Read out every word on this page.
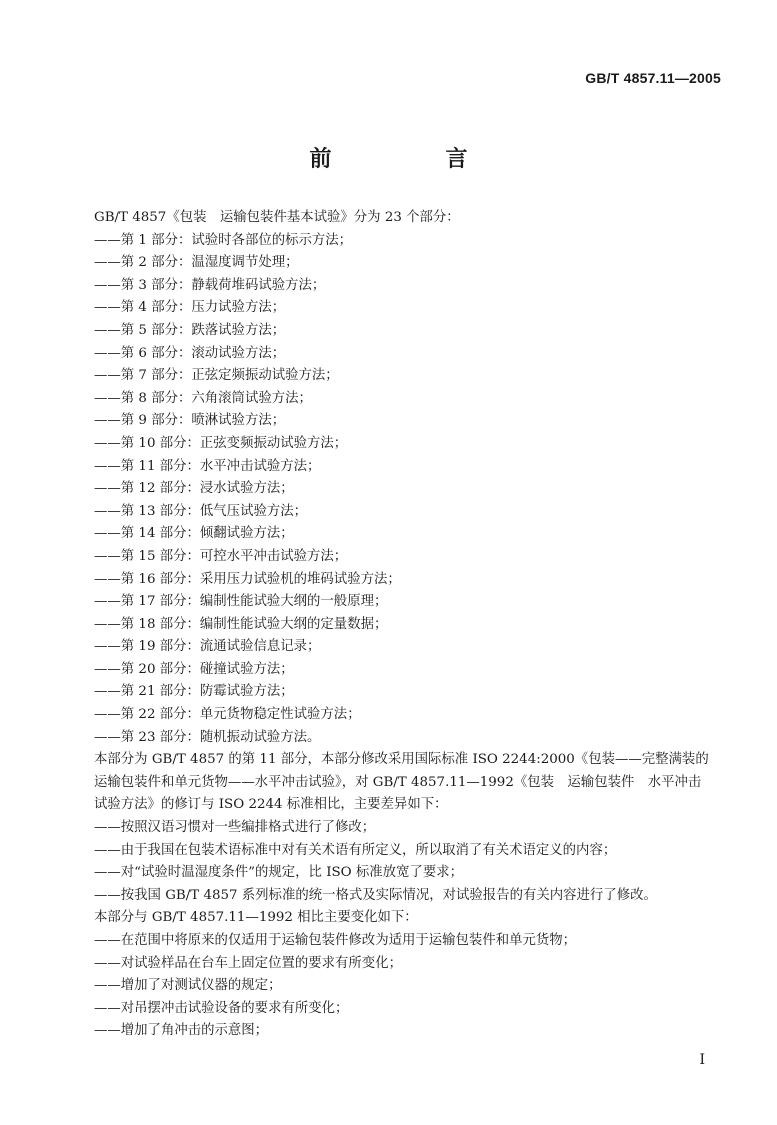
GB/T 4857.11—2005
前　言

GB/T 4857《包装　运输包装件基本试验》分为 23 个部分：

——第 1 部分：试验时各部位的标示方法；

——第 2 部分：温湿度调节处理；

——第 3 部分：静载荷堆码试验方法；

——第 4 部分：压力试验方法；

——第 5 部分：跌落试验方法；

——第 6 部分：滚动试验方法；

——第 7 部分：正弦定频振动试验方法；

——第 8 部分：六角滚筒试验方法；

——第 9 部分：喷淋试验方法；

——第 10 部分：正弦变频振动试验方法；

——第 11 部分：水平冲击试验方法；

——第 12 部分：浸水试验方法；

——第 13 部分：低气压试验方法；

——第 14 部分：倾翻试验方法；

——第 15 部分：可控水平冲击试验方法；

——第 16 部分：采用压力试验机的堆码试验方法；

——第 17 部分：编制性能试验大纲的一般原理；

——第 18 部分：编制性能试验大纲的定量数据；

——第 19 部分：流通试验信息记录；

——第 20 部分：碰撞试验方法；

——第 21 部分：防霉试验方法；

——第 22 部分：单元货物稳定性试验方法；

——第 23 部分：随机振动试验方法。

本部分为 GB/T 4857 的第 11 部分，本部分修改采用国际标准 ISO 2244:2000《包装——完整满装的运输包装件和单元货物——水平冲击试验》，对 GB/T 4857.11—1992《包装　运输包装件　水平冲击试验方法》的修订与 ISO 2244 标准相比，主要差异如下：

——按照汉语习惯对一些编排格式进行了修改；

——由于我国在包装术语标准中对有关术语有所定义，所以取消了有关术语定义的内容；

——对“试验时温湿度条件”的规定，比 ISO 标准放宽了要求；

——按我国 GB/T 4857 系列标准的统一格式及实际情况，对试验报告的有关内容进行了修改。

本部分与 GB/T 4857.11—1992 相比主要变化如下：

——在范围中将原来的仅适用于运输包装件修改为适用于运输包装件和单元货物；

——对试验样品在台车上固定位置的要求有所变化；

——增加了对测试仪器的规定；

——对吊摆冲击试验设备的要求有所变化；

——增加了角冲击的示意图；

I
